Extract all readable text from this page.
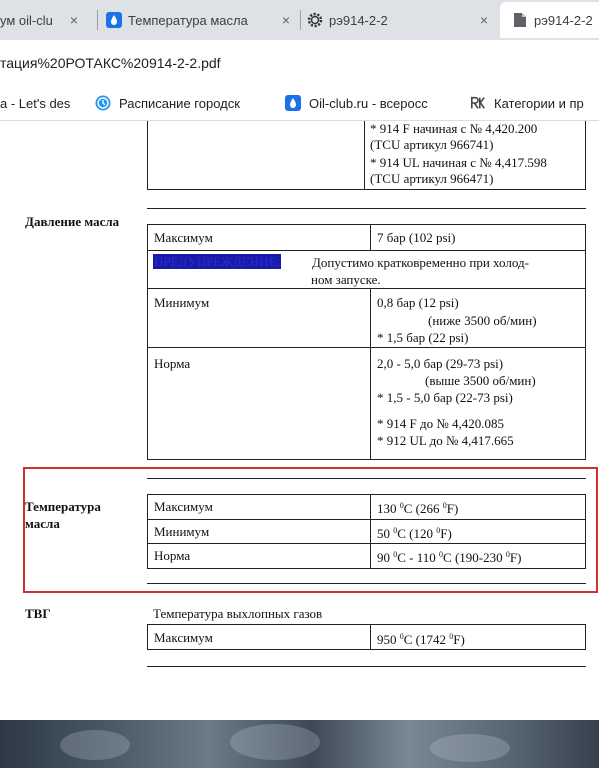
ум oil-clu ×	Температура масла	×	рэ914-2-2	×	рэ914-2-2
тация%20РОТАКС%20914-2-2.pdf
a - Let's des	Расписание городск	Oil-club.ru - всеросс	Категории и пр
* 914 F начиная с № 4,420.200
(TCU артикул 966741)
* 914 UL начиная с № 4,417.598
(TCU артикул 966471)
Давление масла
Максимум	7 бар (102 psi)
ПРЕДУПРЕЖДЕНИЕ: Допустимо кратковременно при холод-
ном запуске.
Минимум	0,8 бар (12 psi)
(ниже 3500 об/мин)
* 1,5 бар (22 psi)
Норма	2,0 - 5,0 бар (29-73 psi)
(выше 3500 об/мин)
* 1,5 - 5,0 бар (22-73 psi)
* 914 F до № 4,420.085
* 912 UL до № 4,417.665
Температура
масла
Максимум	130 $^0$C (266 $^0$F)
Минимум	50 $^0$C (120 $^0$F)
Норма	90 $^0$C - 110 $^0$C (190-230 $^0$F)
ТВГ	Температура выхлопных газов
Максимум	950 $^0$C (1742 $^0$F)
